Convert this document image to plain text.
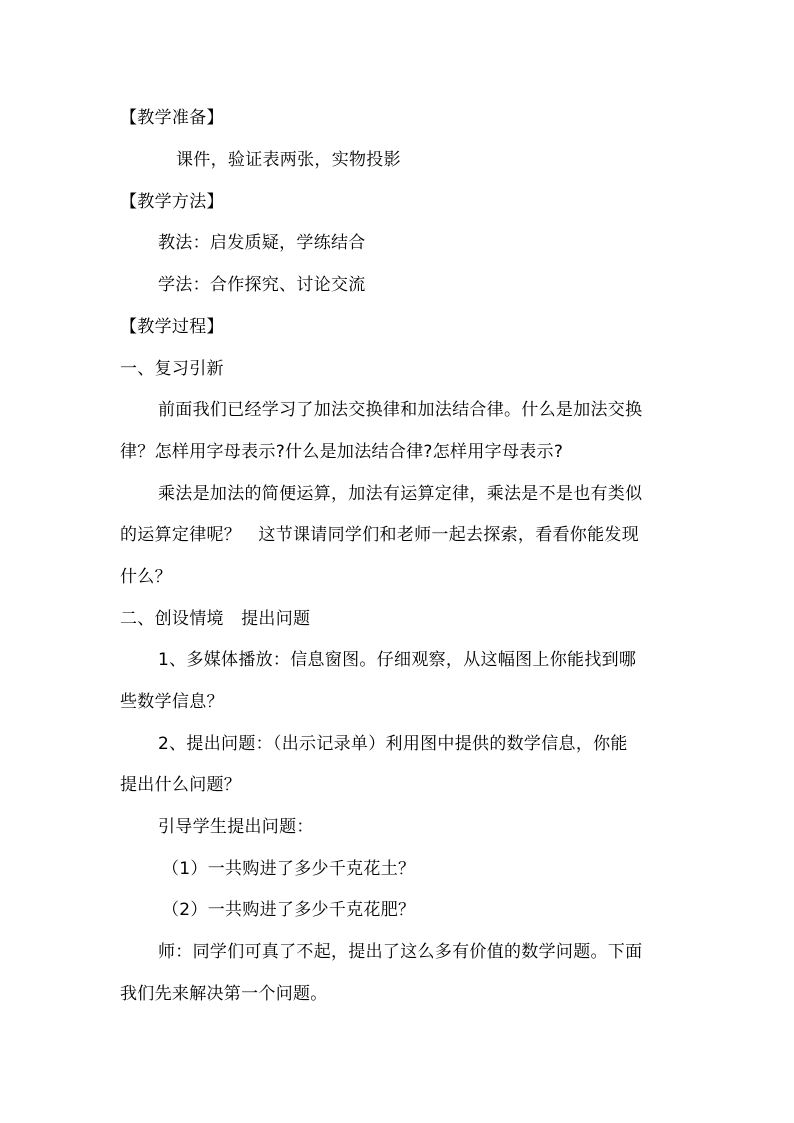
【教学准备】
课件，验证表两张，实物投影
【教学方法】
教法：启发质疑，学练结合
学法：合作探究、讨论交流
【教学过程】
一、复习引新
前面我们已经学习了加法交换律和加法结合律。什么是加法交换
律？怎样用字母表示?什么是加法结合律?怎样用字母表示?
乘法是加法的简便运算，加法有运算定律，乘法是不是也有类似
的运算定律呢？　这节课请同学们和老师一起去探索，看看你能发现
什么？
二、创设情境　提出问题
1、多媒体播放：信息窗图。仔细观察，从这幅图上你能找到哪
些数学信息？
2、提出问题：（出示记录单）利用图中提供的数学信息，你能
提出什么问题？
引导学生提出问题：
（1）一共购进了多少千克花土？
（2）一共购进了多少千克花肥？
师：同学们可真了不起，提出了这么多有价值的数学问题。下面
我们先来解决第一个问题。
